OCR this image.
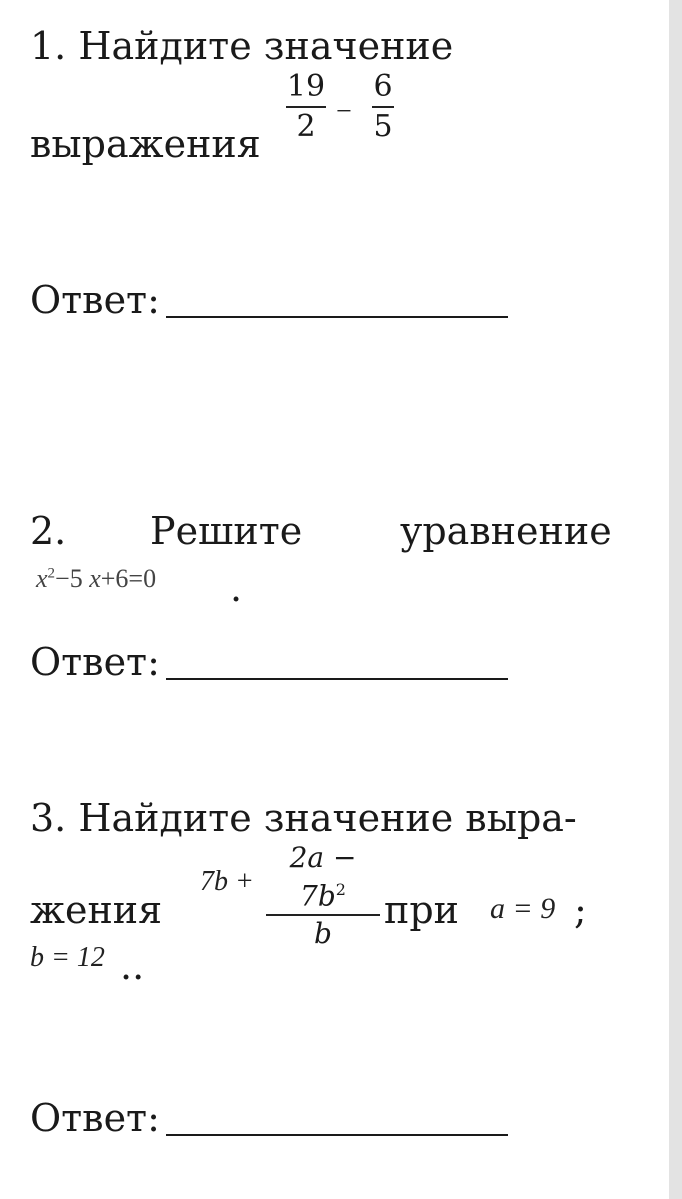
1. Найдите значение
выражения
19
2 −
6
5
Ответ:
2. Решите	уравнение
$x^2-5$ x+6=0 .
Ответ:
3. Найдите значение выра-
жения
7b +
$2a - 7b^2$
b
при a = 9 ;
b = 12 ..
Ответ:
